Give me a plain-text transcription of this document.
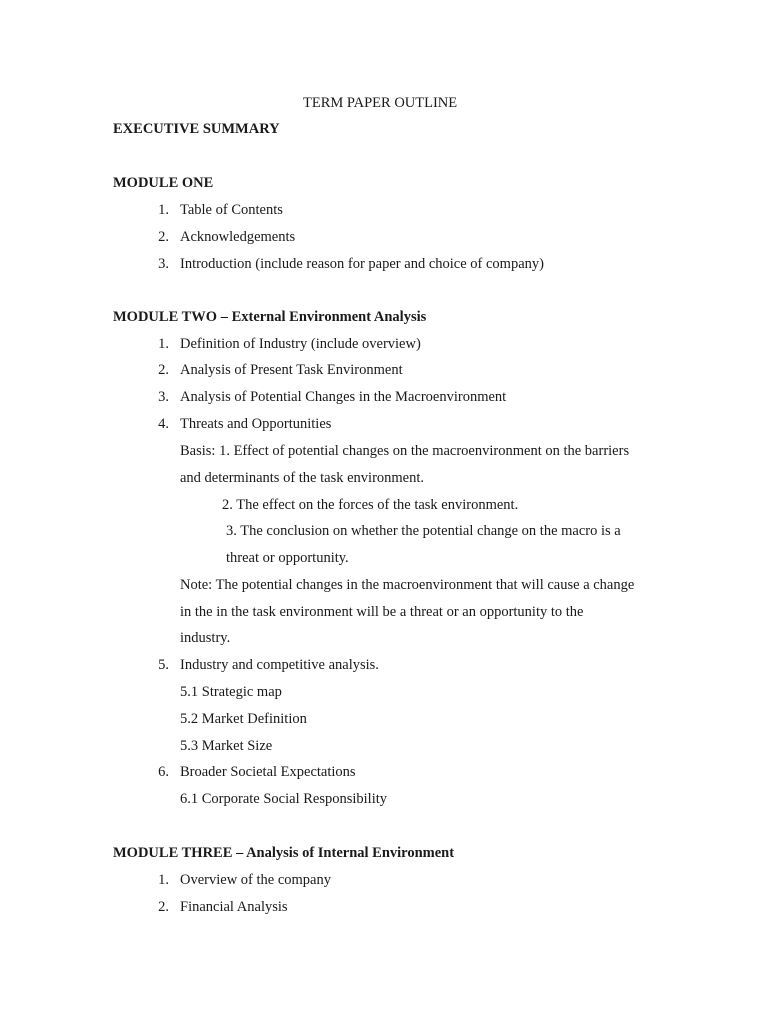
TERM PAPER OUTLINE
EXECUTIVE SUMMARY
MODULE ONE
1. Table of Contents
2. Acknowledgements
3. Introduction (include reason for paper and choice of company)
MODULE TWO – External Environment Analysis
1. Definition of Industry (include overview)
2. Analysis of Present Task Environment
3. Analysis of Potential Changes in the Macroenvironment
4. Threats and Opportunities
Basis: 1. Effect of potential changes on the macroenvironment on the barriers
and determinants of the task environment.
2. The effect on the forces of the task environment.
3. The conclusion on whether the potential change on the macro is a
threat or opportunity.
Note: The potential changes in the macroenvironment that will cause a change
in the in the task environment will be a threat or an opportunity to the
industry.
5. Industry and competitive analysis.
5.1 Strategic map
5.2 Market Definition
5.3 Market Size
6. Broader Societal Expectations
6.1 Corporate Social Responsibility
MODULE THREE – Analysis of Internal Environment
1. Overview of the company
2. Financial Analysis
